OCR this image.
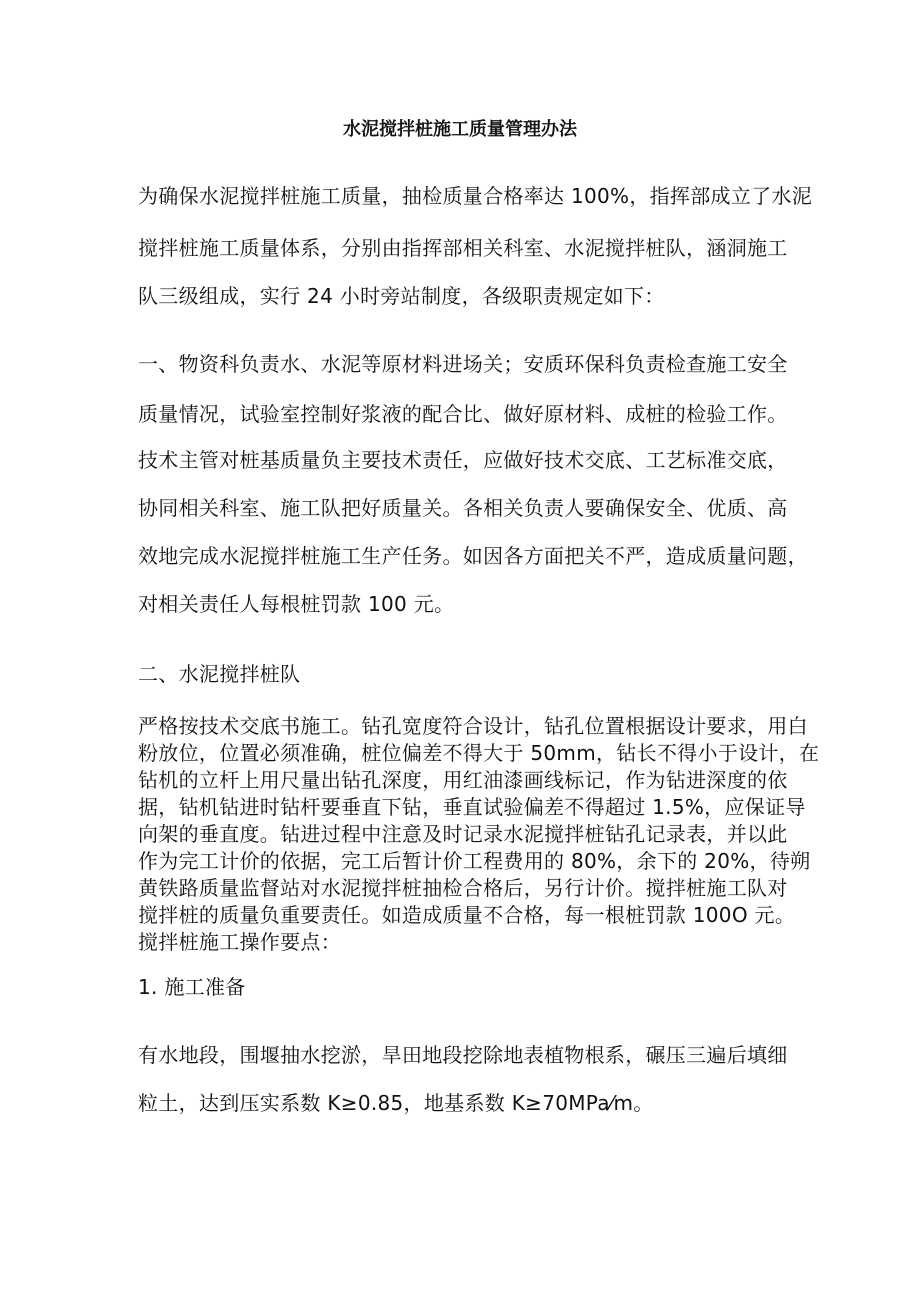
水泥搅拌桩施工质量管理办法
为确保水泥搅拌桩施工质量，抽检质量合格率达 100%，指挥部成立了水泥
搅拌桩施工质量体系，分别由指挥部相关科室、水泥搅拌桩队，涵洞施工
队三级组成，实行 24 小时旁站制度，各级职责规定如下：
一、物资科负责水、水泥等原材料进场关；安质环保科负责检查施工安全
质量情况，试验室控制好浆液的配合比、做好原材料、成桩的检验工作。
技术主管对桩基质量负主要技术责任，应做好技术交底、工艺标准交底，
协同相关科室、施工队把好质量关。各相关负责人要确保安全、优质、高
效地完成水泥搅拌桩施工生产任务。如因各方面把关不严，造成质量问题，
对相关责任人每根桩罚款 100 元。
二、水泥搅拌桩队
严格按技术交底书施工。钻孔宽度符合设计，钻孔位置根据设计要求，用白
粉放位，位置必须准确，桩位偏差不得大于 50mm，钻长不得小于设计，在
钻机的立杆上用尺量出钻孔深度，用红油漆画线标记，作为钻进深度的依
据，钻机钻进时钻杆要垂直下钻，垂直试验偏差不得超过 1.5%，应保证导
向架的垂直度。钻进过程中注意及时记录水泥搅拌桩钻孔记录表，并以此
作为完工计价的依据，完工后暂计价工程费用的 80%，余下的 20%，待朔
黄铁路质量监督站对水泥搅拌桩抽检合格后，另行计价。搅拌桩施工队对
搅拌桩的质量负重要责任。如造成质量不合格，每一根桩罚款 100O 元。
搅拌桩施工操作要点：
1. 施工准备
有水地段，围堰抽水挖淤，旱田地段挖除地表植物根系，碾压三遍后填细
粒土，达到压实系数 K≥0.85，地基系数 K≥70MPa⁄m。
